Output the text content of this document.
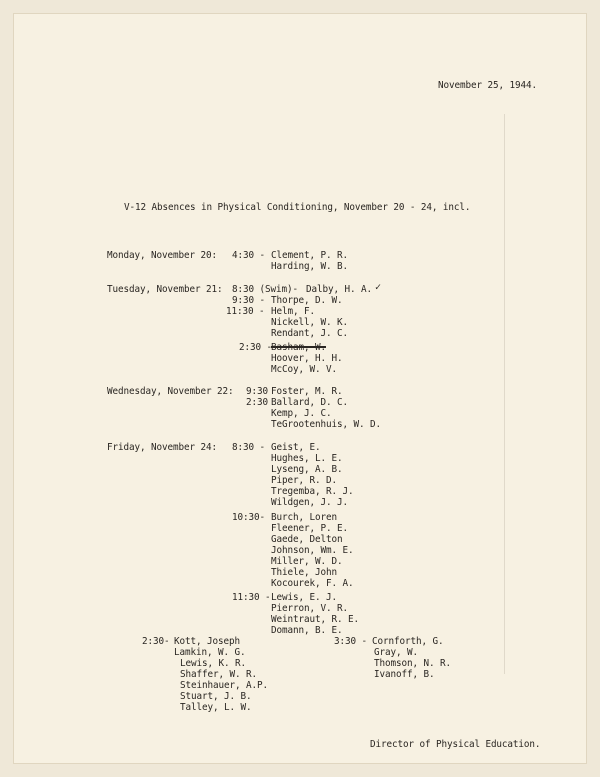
November 25, 1944.
V-12 Absences in Physical Conditioning, November 20 - 24, incl.
Monday, November 20: 4:30 - Clement, P. R.
Harding, W. B.
Tuesday, November 21: 8:30 (Swim)- Dalby, H. A. ✓
9:30 - Thorpe, D. W.
11:30 - Helm, F.
Nickell, W. K.
Rendant, J. C.
2:30 - Basham, W.
Hoover, H. H.
McCoy, W. V.
Wednesday, November 22: 9:30 Foster, M. R.
2:30 Ballard, D. C.
Kemp, J. C.
TeGrootenhuis, W. D.
Friday, November 24: 8:30 - Geist, E.
Hughes, L. E.
Lyseng, A. B.
Piper, R. D.
Tregemba, R. J.
Wildgen, J. J.
10:30- Burch, Loren
Fleener, P. E.
Gaede, Delton
Johnson, Wm. E.
Miller, W. D.
Thiele, John
Kocourek, F. A.
11:30 - Lewis, E. J.
Pierron, V. R.
Weintraut, R. E.
Domann, B. E.
2:30- Kott, Joseph
Lamkin, W. G.
Lewis, K. R.
Shaffer, W. R.
Steinhauer, A.P.
Stuart, J. B.
Talley, L. W.
3:30 - Cornforth, G.
Gray, W.
Thomson, N. R.
Ivanoff, B.
Director of Physical Education.
